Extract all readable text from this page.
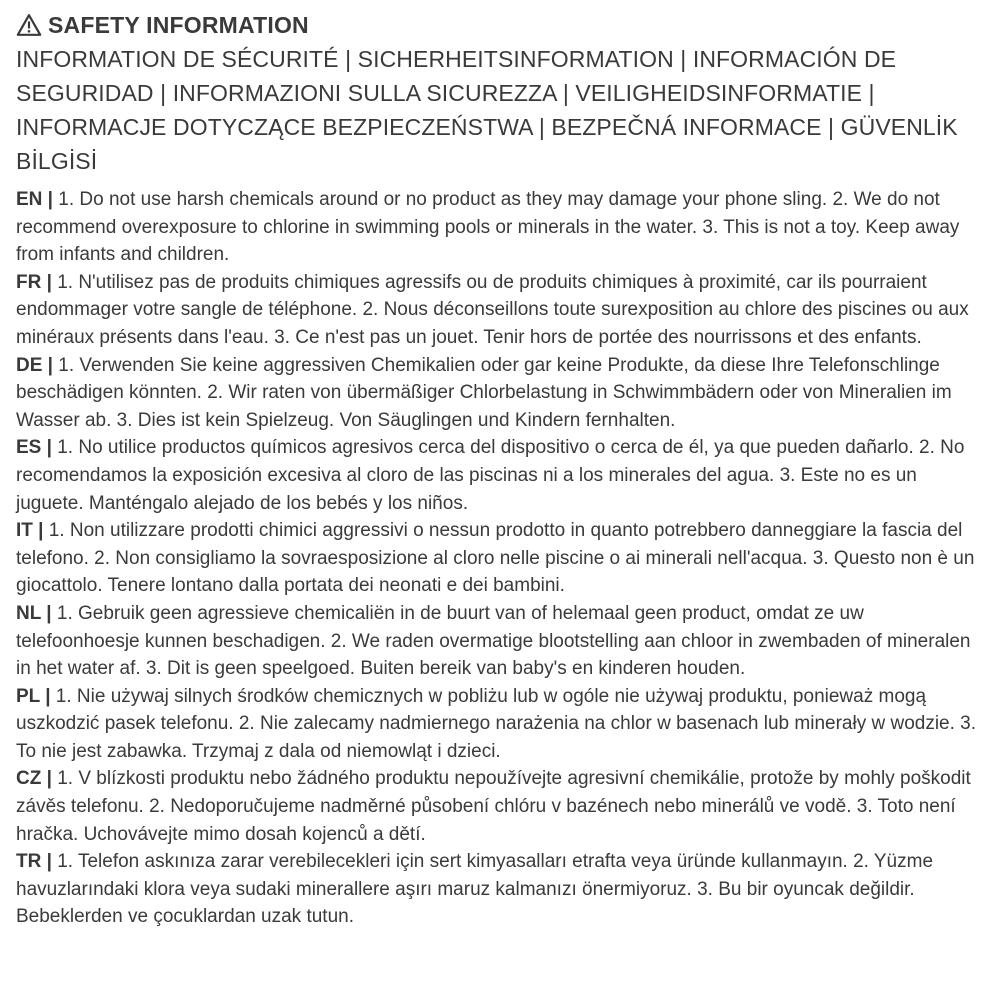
SAFETY INFORMATION
INFORMATION DE SÉCURITÉ | SICHERHEITSINFORMATION | INFORMACIÓN DE SEGURIDAD | INFORMAZIONI SULLA SICUREZZA | VEILIGHEIDSINFORMATIE | INFORMACJE DOTYCZĄCE BEZPIECZEŃSTWA | BEZPEČNÁ INFORMACE | GÜVENLİK BİLGİSİ

EN | 1. Do not use harsh chemicals around or no product as they may damage your phone sling. 2. We do not recommend overexposure to chlorine in swimming pools or minerals in the water. 3. This is not a toy. Keep away from infants and children.

FR | 1. N'utilisez pas de produits chimiques agressifs ou de produits chimiques à proximité, car ils pourraient endommager votre sangle de téléphone. 2. Nous déconseillons toute surexposition au chlore des piscines ou aux minéraux présents dans l'eau. 3. Ce n'est pas un jouet. Tenir hors de portée des nourrissons et des enfants.

DE | 1. Verwenden Sie keine aggressiven Chemikalien oder gar keine Produkte, da diese Ihre Telefonschlinge beschädigen könnten. 2. Wir raten von übermäßiger Chlorbelastung in Schwimmbädern oder von Mineralien im Wasser ab. 3. Dies ist kein Spielzeug. Von Säuglingen und Kindern fernhalten.

ES | 1. No utilice productos químicos agresivos cerca del dispositivo o cerca de él, ya que pueden dañarlo. 2. No recomendamos la exposición excesiva al cloro de las piscinas ni a los minerales del agua. 3. Este no es un juguete. Manténgalo alejado de los bebés y los niños.

IT | 1. Non utilizzare prodotti chimici aggressivi o nessun prodotto in quanto potrebbero danneggiare la fascia del telefono. 2. Non consigliamo la sovraesposizione al cloro nelle piscine o ai minerali nell'acqua. 3. Questo non è un giocattolo. Tenere lontano dalla portata dei neonati e dei bambini.

NL | 1. Gebruik geen agressieve chemicaliën in de buurt van of helemaal geen product, omdat ze uw telefoonhoesje kunnen beschadigen. 2. We raden overmatige blootstelling aan chloor in zwembaden of mineralen in het water af. 3. Dit is geen speelgoed. Buiten bereik van baby's en kinderen houden.

PL | 1. Nie używaj silnych środków chemicznych w pobliżu lub w ogóle nie używaj produktu, ponieważ mogą uszkodzić pasek telefonu. 2. Nie zalecamy nadmiernego narażenia na chlor w basenach lub minerały w wodzie. 3. To nie jest zabawka. Trzymaj z dala od niemowląt i dzieci.

CZ | 1. V blízkosti produktu nebo žádného produktu nepoužívejte agresivní chemikálie, protože by mohly poškodit závěs telefonu. 2. Nedoporučujeme nadměrné působení chlóru v bazénech nebo minerálů ve vodě. 3. Toto není hračka. Uchovávejte mimo dosah kojenců a dětí.

TR | 1. Telefon askınıza zarar verebilecekleri için sert kimyasalları etrafta veya üründe kullanmayın. 2. Yüzme havuzlarındaki klora veya sudaki minerallere aşırı maruz kalmanızı önermiyoruz. 3. Bu bir oyuncak değildir. Bebeklerden ve çocuklardan uzak tutun.
